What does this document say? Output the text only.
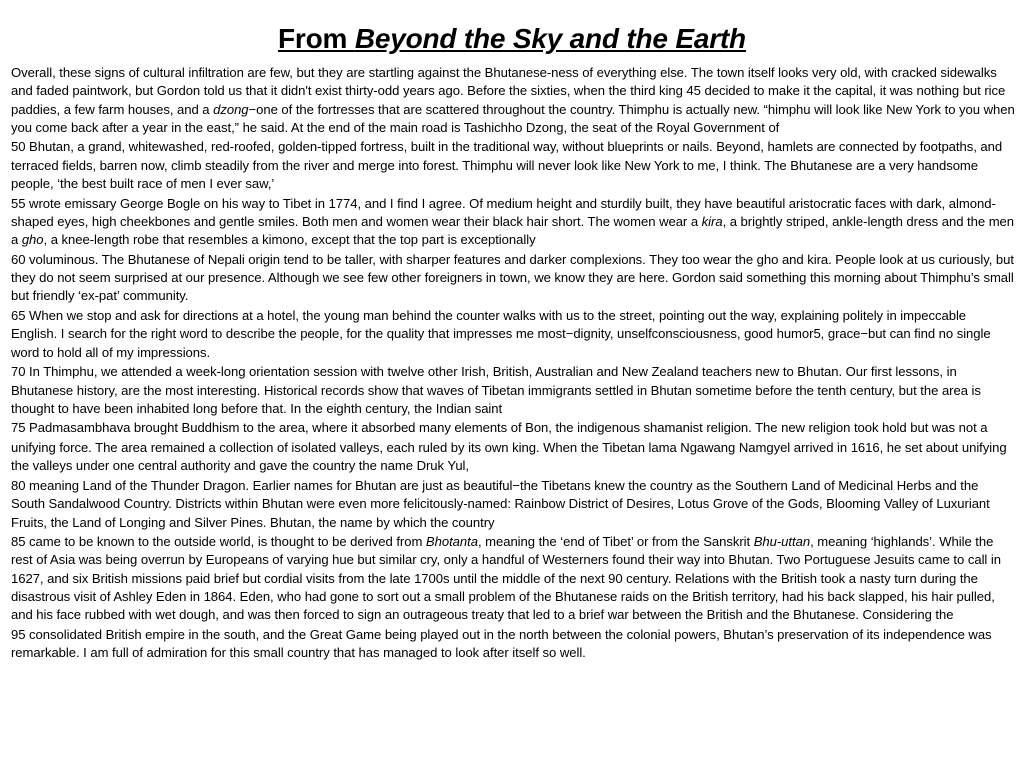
From Beyond the Sky and the Earth

Overall, these signs of cultural infiltration are few, but they are startling against the Bhutanese-ness of everything else. The town itself looks very old, with cracked sidewalks and faded paintwork, but Gordon told us that it didn't exist thirty-odd years ago. Before the sixties, when the third king 45 decided to make it the capital, it was nothing but rice paddies, a few farm houses, and a dzong−one of the fortresses that are scattered throughout the country. Thimphu is actually new. “himphu will look like New York to you when you come back after a year in the east,” he said. At the end of the main road is Tashichho Dzong, the seat of the Royal Government of

50 Bhutan, a grand, whitewashed, red-roofed, golden-tipped fortress, built in the traditional way, without blueprints or nails. Beyond, hamlets are connected by footpaths, and terraced fields, barren now, climb steadily from the river and merge into forest. Thimphu will never look like New York to me, I think. The Bhutanese are a very handsome people, ‘the best built race of men I ever saw,’

55 wrote emissary George Bogle on his way to Tibet in 1774, and I find I agree. Of medium height and sturdily built, they have beautiful aristocratic faces with dark, almond-shaped eyes, high cheekbones and gentle smiles. Both men and women wear their black hair short. The women wear a kira, a brightly striped, ankle-length dress and the men a gho, a knee-length robe that resembles a kimono, except that the top part is exceptionally

60 voluminous. The Bhutanese of Nepali origin tend to be taller, with sharper features and darker complexions. They too wear the gho and kira. People look at us curiously, but they do not seem surprised at our presence. Although we see few other foreigners in town, we know they are here. Gordon said something this morning about Thimphu’s small but friendly ‘ex-pat’ community.

65 When we stop and ask for directions at a hotel, the young man behind the counter walks with us to the street, pointing out the way, explaining politely in impeccable English. I search for the right word to describe the people, for the quality that impresses me most−dignity, unselfconsciousness, good humor5, grace−but can find no single word to hold all of my impressions.

70 In Thimphu, we attended a week-long orientation session with twelve other Irish, British, Australian and New Zealand teachers new to Bhutan. Our first lessons, in Bhutanese history, are the most interesting. Historical records show that waves of Tibetan immigrants settled in Bhutan sometime before the tenth century, but the area is thought to have been inhabited long before that. In the eighth century, the Indian saint

75 Padmasambhava brought Buddhism to the area, where it absorbed many elements of Bon, the indigenous shamanist religion. The new religion took hold but was not a

unifying force. The area remained a collection of isolated valleys, each ruled by its own king. When the Tibetan lama Ngawang Namgyel arrived in 1616, he set about unifying the valleys under one central authority and gave the country the name Druk Yul,

80 meaning Land of the Thunder Dragon. Earlier names for Bhutan are just as beautiful−the Tibetans knew the country as the Southern Land of Medicinal Herbs and the South Sandalwood Country. Districts within Bhutan were even more felicitously-named: Rainbow District of Desires, Lotus Grove of the Gods, Blooming Valley of Luxuriant Fruits, the Land of Longing and Silver Pines. Bhutan, the name by which the country

85 came to be known to the outside world, is thought to be derived from Bhotanta, meaning the ‘end of Tibet’ or from the Sanskrit Bhu-uttan, meaning ‘highlands’. While the rest of Asia was being overrun by Europeans of varying hue but similar cry, only a handful of Westerners found their way into Bhutan. Two Portuguese Jesuits came to call in 1627, and six British missions paid brief but cordial visits from the late 1700s until the middle of the next 90 century. Relations with the British took a nasty turn during the disastrous visit of Ashley Eden in 1864. Eden, who had gone to sort out a small problem of the Bhutanese raids on the British territory, had his back slapped, his hair pulled, and his face rubbed with wet dough, and was then forced to sign an outrageous treaty that led to a brief war between the British and the Bhutanese. Considering the

95 consolidated British empire in the south, and the Great Game being played out in the north between the colonial powers, Bhutan’s preservation of its independence was remarkable. I am full of admiration for this small country that has managed to look after itself so well.
